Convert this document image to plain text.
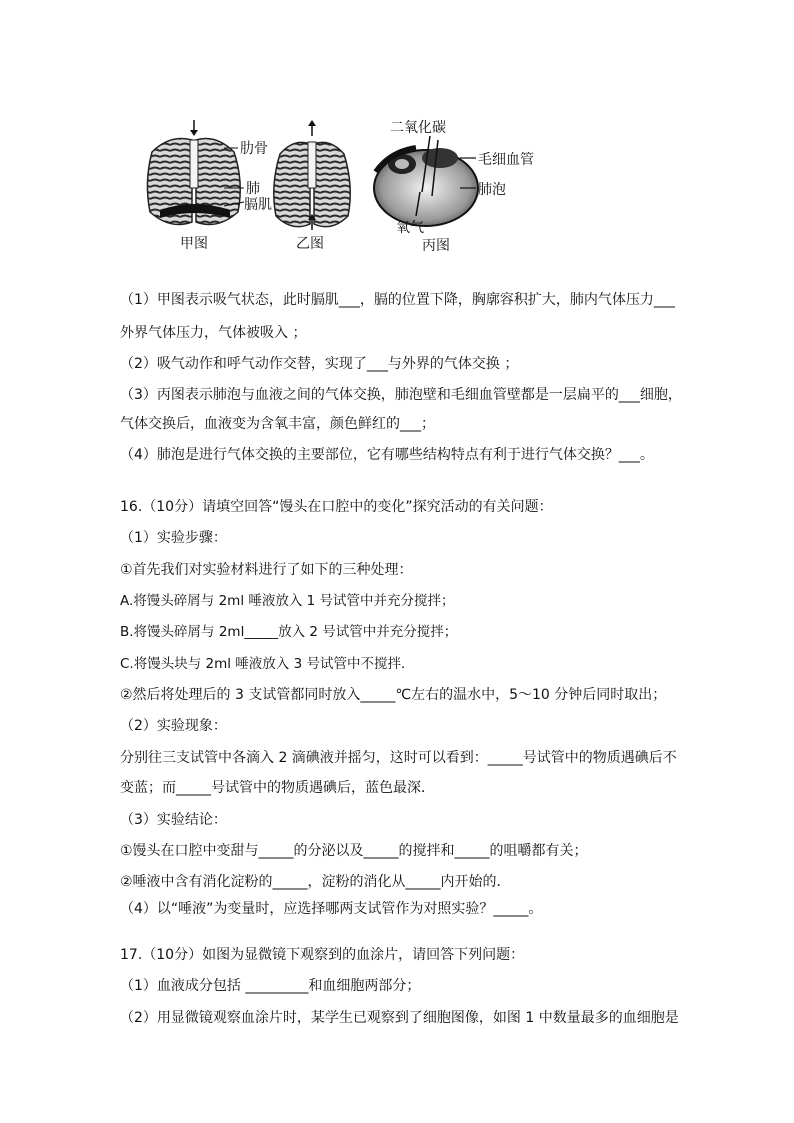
肋骨
肺
膈肌
甲图	乙图
二氧化碳
毛细血管
肺泡
氧气
丙图
（1）甲图表示吸气状态，此时膈肌___，膈的位置下降，胸廓容积扩大，肺内气体压力___
外界气体压力，气体被吸入 ；
（2）吸气动作和呼气动作交替，实现了___与外界的气体交换 ；
（3）丙图表示肺泡与血液之间的气体交换，肺泡壁和毛细血管壁都是一层扁平的___细胞，
气体交换后，血液变为含氧丰富，颜色鲜红的___；
（4）肺泡是进行气体交换的主要部位，它有哪些结构特点有利于进行气体交换？___。
16.（10分）请填空回答“馒头在口腔中的变化”探究活动的有关问题：
（1）实验步骤：
①首先我们对实验材料进行了如下的三种处理：
A.将馒头碎屑与 2ml 唾液放入 1 号试管中并充分搅拌；
B.将馒头碎屑与 2ml_____放入 2 号试管中并充分搅拌；
C.将馒头块与 2ml 唾液放入 3 号试管中不搅拌．
②然后将处理后的 3 支试管都同时放入_____℃左右的温水中，5～10 分钟后同时取出；
（2）实验现象：
分别往三支试管中各滴入 2 滴碘液并摇匀，这时可以看到：_____号试管中的物质遇碘后不
变蓝；而_____号试管中的物质遇碘后，蓝色最深．
（3）实验结论：
①馒头在口腔中变甜与_____的分泌以及_____的搅拌和_____的咀嚼都有关；
②唾液中含有消化淀粉的_____，淀粉的消化从_____内开始的．
（4）以“唾液”为变量时，应选择哪两支试管作为对照实验？_____。
17.（10分）如图为显微镜下观察到的血涂片，请回答下列问题：
（1）血液成分包括 _________和血细胞两部分；
（2）用显微镜观察血涂片时，某学生已观察到了细胞图像，如图 1 中数量最多的血细胞是
